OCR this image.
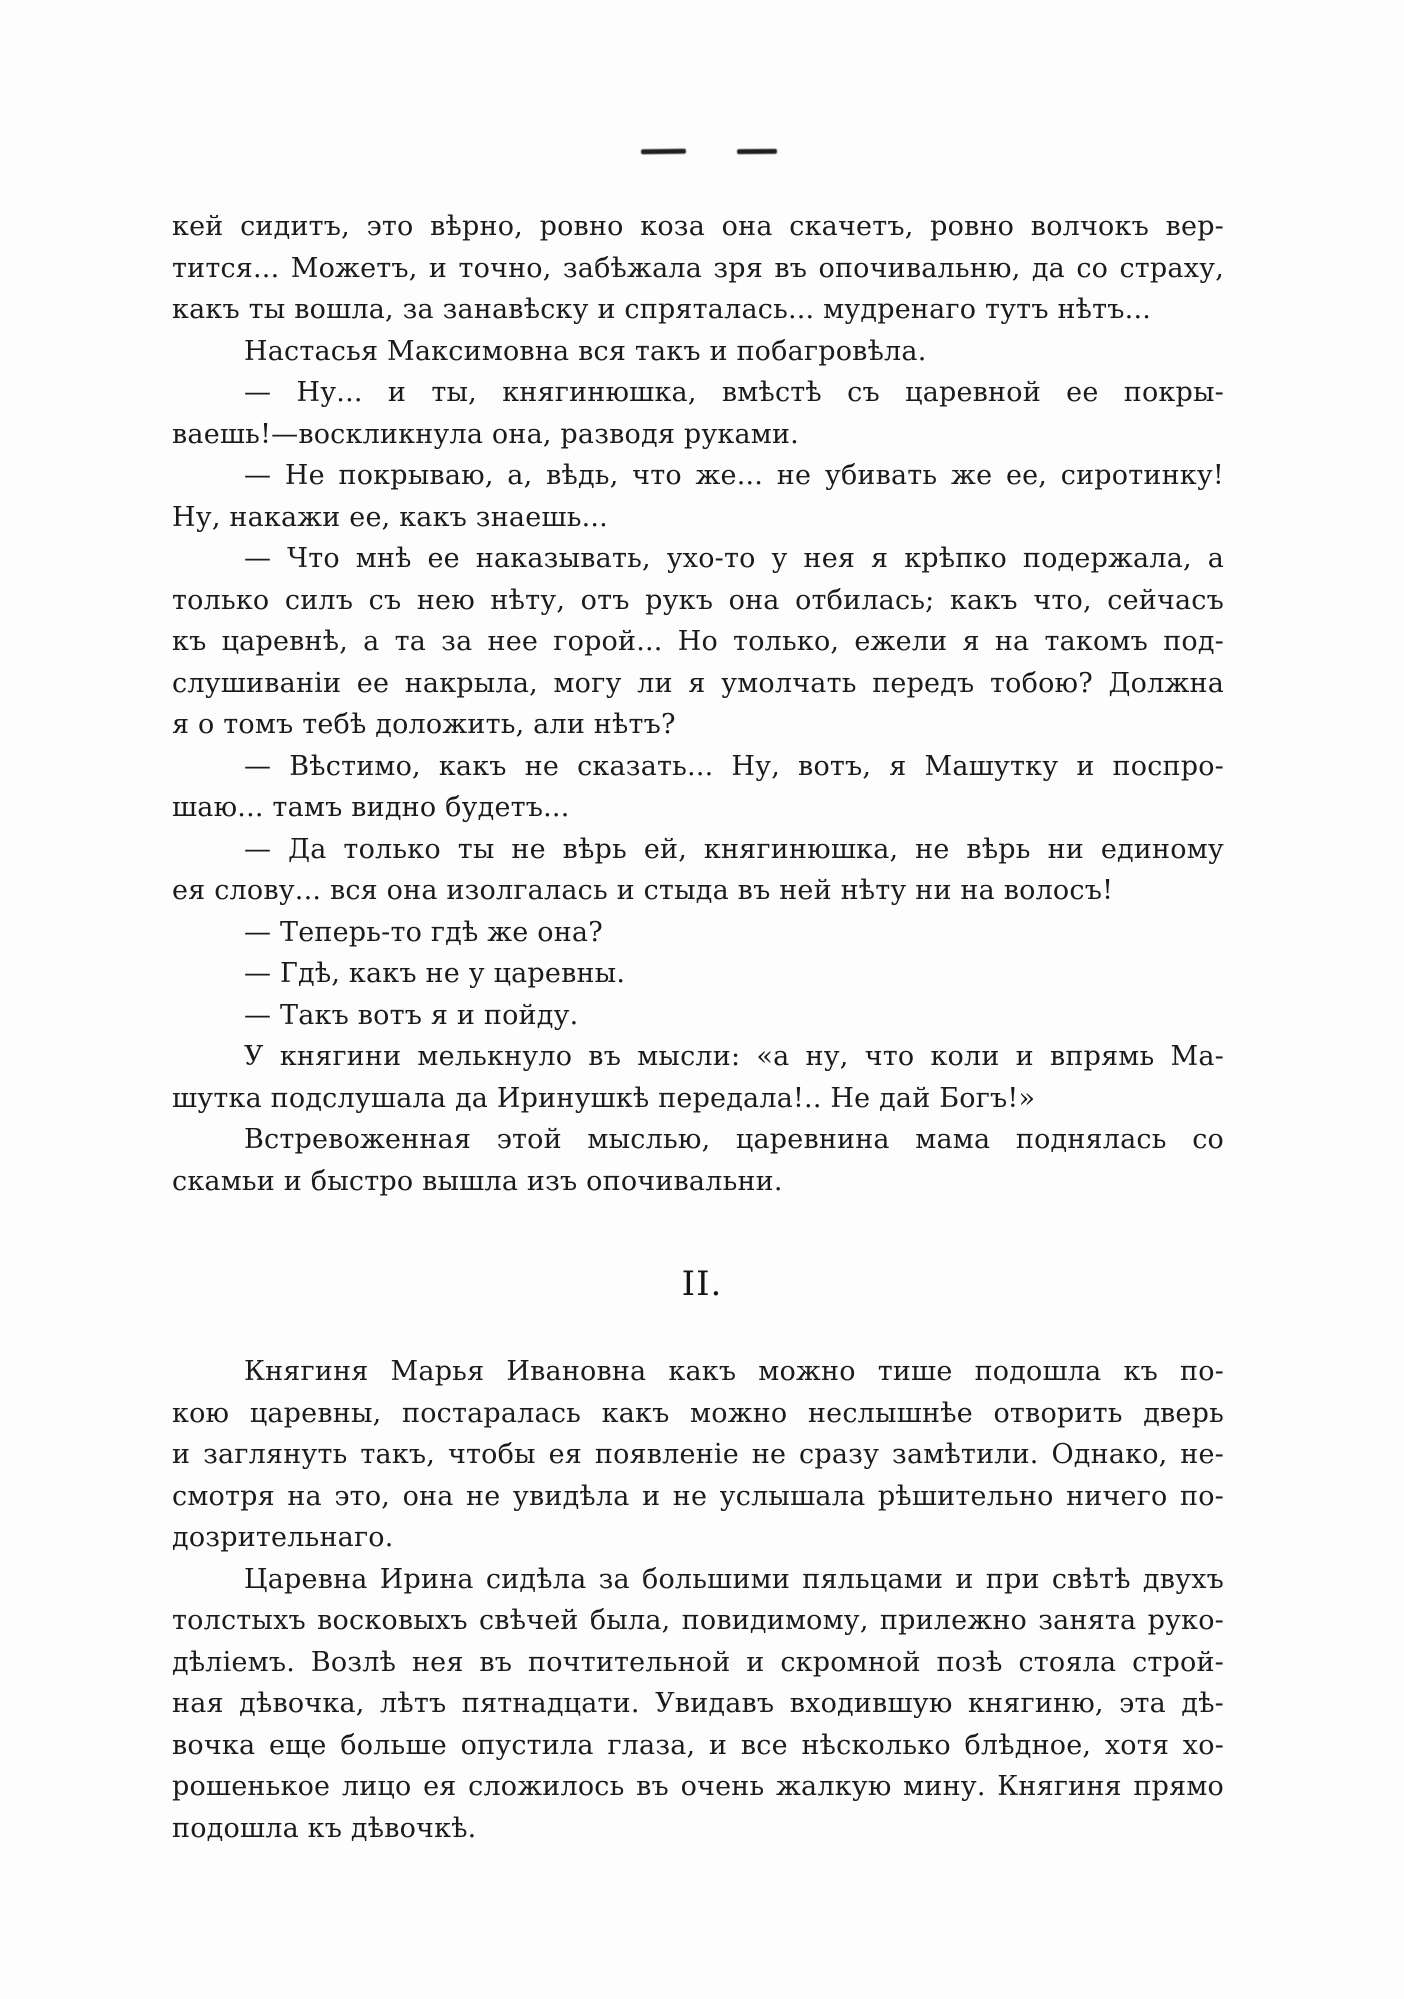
кей сидитъ, это вѣрно, ровно коза она скачетъ, ровно волчокъ вер-
тится... Можетъ, и точно, забѣжала зря въ опочивальню, да со страху,
какъ ты вошла, за занавѣску и спряталась... мудренаго тутъ нѣтъ...
Настасья Максимовна вся такъ и побагровѣла.
— Ну... и ты, княгинюшка, вмѣстѣ съ царевной ее покры-
ваешь!—воскликнула она, разводя руками.
— Не покрываю, а, вѣдь, что же... не убивать же ее, сиротинку!
Ну, накажи ее, какъ знаешь...
— Что мнѣ ее наказывать, ухо-то у нея я крѣпко подержала, а
только силъ съ нею нѣту, отъ рукъ она отбилась; какъ что, сейчасъ
къ царевнѣ, а та за нее горой... Но только, ежели я на такомъ под-
слушиваніи ее накрыла, могу ли я умолчать передъ тобою? Должна
я о томъ тебѣ доложить, али нѣтъ?
— Вѣстимо, какъ не сказать... Ну, вотъ, я Машутку и поспро-
шаю... тамъ видно будетъ...
— Да только ты не вѣрь ей, княгинюшка, не вѣрь ни единому
ея слову... вся она изолгалась и стыда въ ней нѣту ни на волосъ!
— Теперь-то гдѣ же она?
— Гдѣ, какъ не у царевны.
— Такъ вотъ я и пойду.
У княгини мелькнуло въ мысли: «а ну, что коли и впрямь Ма-
шутка подслушала да Иринушкѣ передала!.. Не дай Богъ!»
Встревоженная этой мыслью, царевнина мама поднялась со
скамьи и быстро вышла изъ опочивальни.
II.
Княгиня Марья Ивановна какъ можно тише подошла къ по-
кою царевны, постаралась какъ можно неслышнѣе отворить дверь
и заглянуть такъ, чтобы ея появленіе не сразу замѣтили. Однако, не-
смотря на это, она не увидѣла и не услышала рѣшительно ничего по-
дозрительнаго.
Царевна Ирина сидѣла за большими пяльцами и при свѣтѣ двухъ
толстыхъ восковыхъ свѣчей была, повидимому, прилежно занята руко-
дѣліемъ. Возлѣ нея въ почтительной и скромной позѣ стояла строй-
ная дѣвочка, лѣтъ пятнадцати. Увидавъ входившую княгиню, эта дѣ-
вочка еще больше опустила глаза, и все нѣсколько блѣдное, хотя хо-
рошенькое лицо ея сложилось въ очень жалкую мину. Княгиня прямо
подошла къ дѣвочкѣ.
